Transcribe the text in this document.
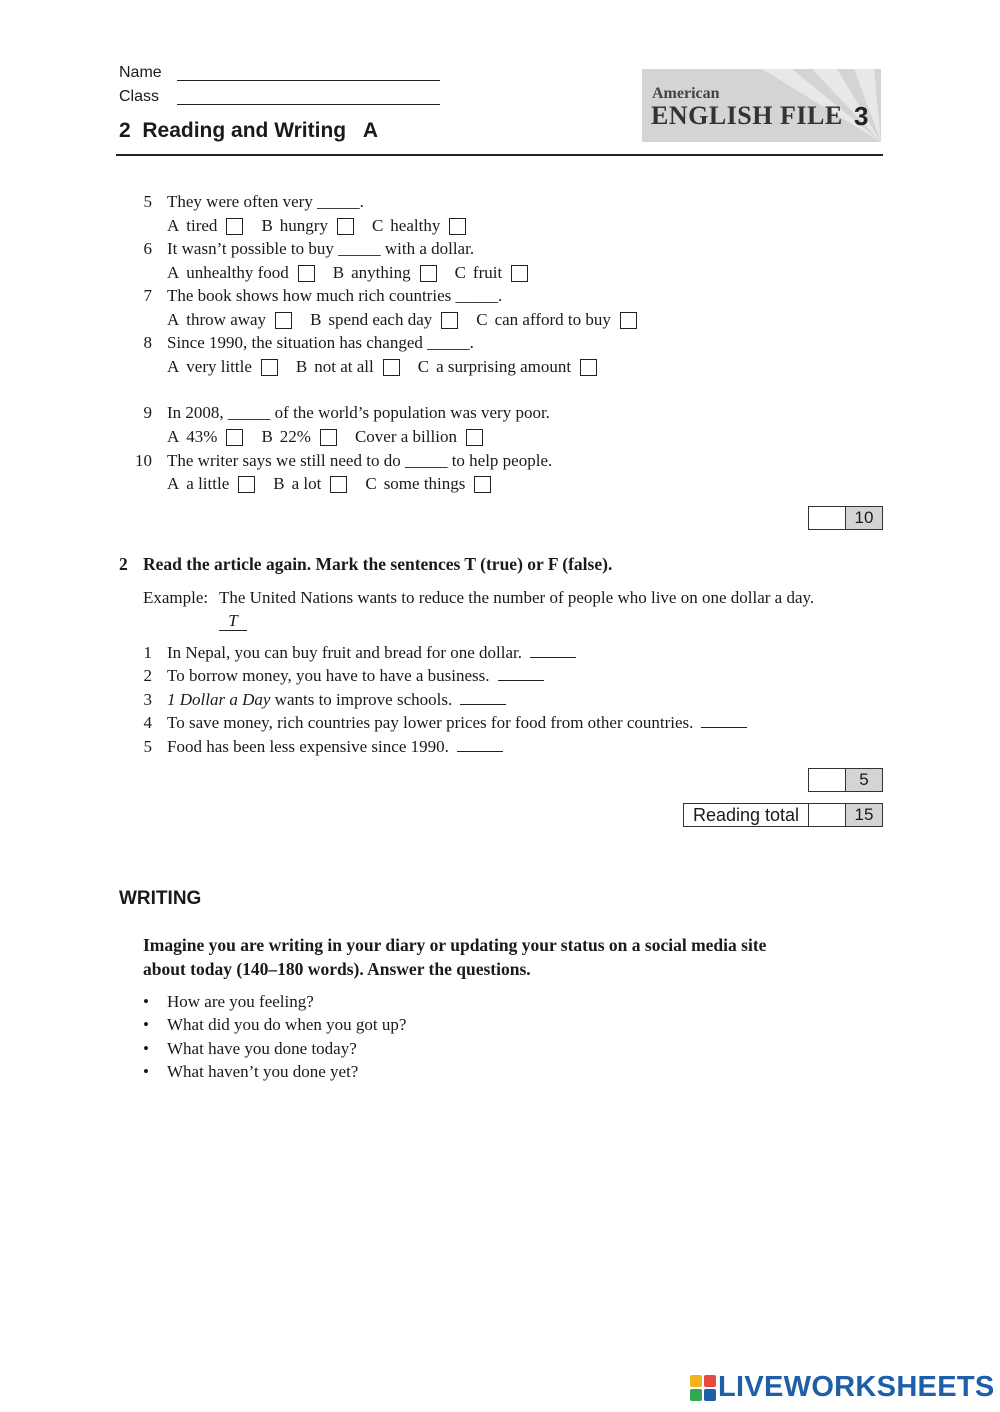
Name
Class
2  Reading and Writing   A
American
ENGLISH FILE 3
5 They were often very _____.
A tired	B hungry	C healthy
6 It wasn’t possible to buy _____ with a dollar.
A unhealthy food	B anything	C fruit
7 The book shows how much rich countries _____.
A throw away	B spend each day	C can afford to buy
8 Since 1990, the situation has changed _____.
A very little	B not at all	C a surprising amount
9 In 2008, _____ of the world’s population was very poor.
A 43%	B 22%	Cover a billion
10 The writer says we still need to do _____ to help people.
A a little	B a lot	C some things
10
2 Read the article again. Mark the sentences T (true) or F (false).
Example: The United Nations wants to reduce the number of people who live on one dollar a day.
T
1 In Nepal, you can buy fruit and bread for one dollar.
2 To borrow money, you have to have a business.
3 1 Dollar a Day wants to improve schools.
4 To save money, rich countries pay lower prices for food from other countries.
5 Food has been less expensive since 1990.
5
Reading total	15
WRITING
Imagine you are writing in your diary or updating your status on a social media site
about today (140–180 words). Answer the questions.
• How are you feeling?
• What did you do when you got up?
• What have you done today?
• What haven’t you done yet?
LIVEWORKSHEETS
